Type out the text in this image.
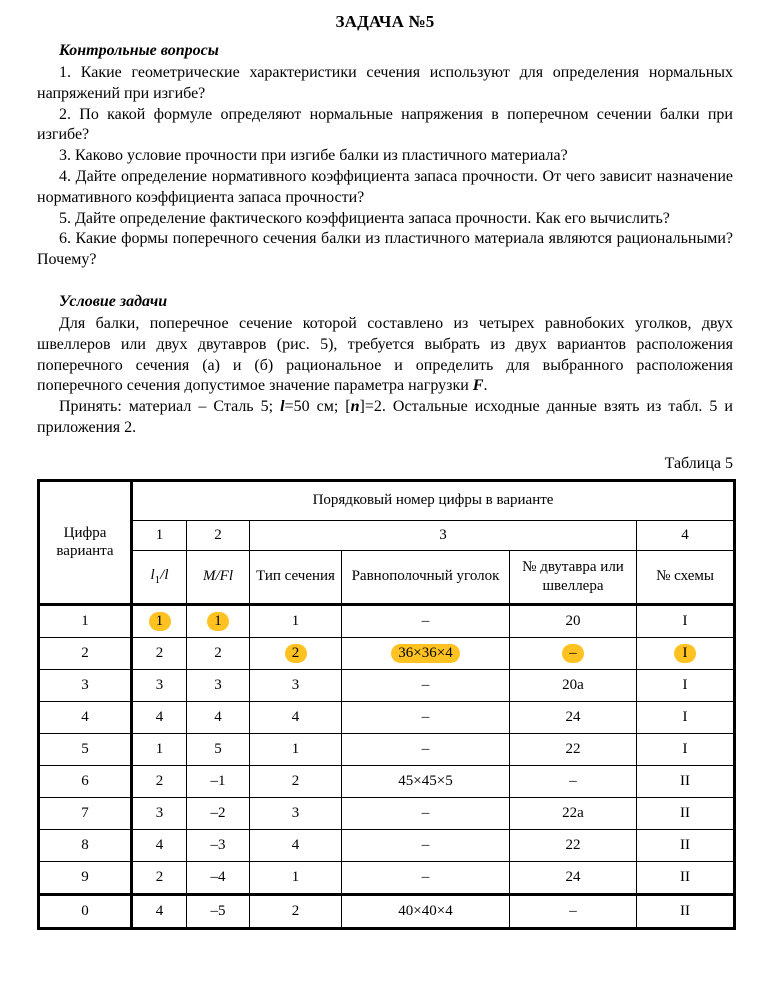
ЗАДАЧА №5
Контрольные вопросы

1. Какие геометрические характеристики сечения используют для определения нормальных напряжений при изгибе?

2. По какой формуле определяют нормальные напряжения в поперечном сечении балки при изгибе?

3. Каково условие прочности при изгибе балки из пластичного материала?

4. Дайте определение нормативного коэффициента запаса прочности. От чего зависит назначение нормативного коэффициента запаса прочности?

5. Дайте определение фактического коэффициента запаса прочности. Как его вычислить?

6. Какие формы поперечного сечения балки из пластичного материала являются рациональными? Почему?

Условие задачи

Для балки, поперечное сечение которой составлено из четырех равнобоких уголков, двух швеллеров или двух двутавров (рис. 5), требуется выбрать из двух вариантов расположения поперечного сечения (а) и (б) рациональное и определить для выбранного расположения поперечного сечения допустимое значение параметра нагрузки F.

Принять: материал – Сталь 5; l=50 см; [n]=2. Остальные исходные данные взять из табл. 5 и приложения 2.

Таблица 5
Цифра варианта	Порядковый номер цифры в варианте					
	1	2	3			4
	$l_1/l$	M/Fl	Тип сечения	Равнополочный уголок	№ двутавра или швеллера	№ схемы
1	1	1	1	–	20	I
2	2	2	2	36×36×4	–	I
3	3	3	3	–	20а	I
4	4	4	4	–	24	I
5	1	5	1	–	22	I
6	2	–1	2	45×45×5	–	II
7	3	–2	3	–	22а	II
8	4	–3	4	–	22	II
9	2	–4	1	–	24	II
0	4	–5	2	40×40×4	–	II
